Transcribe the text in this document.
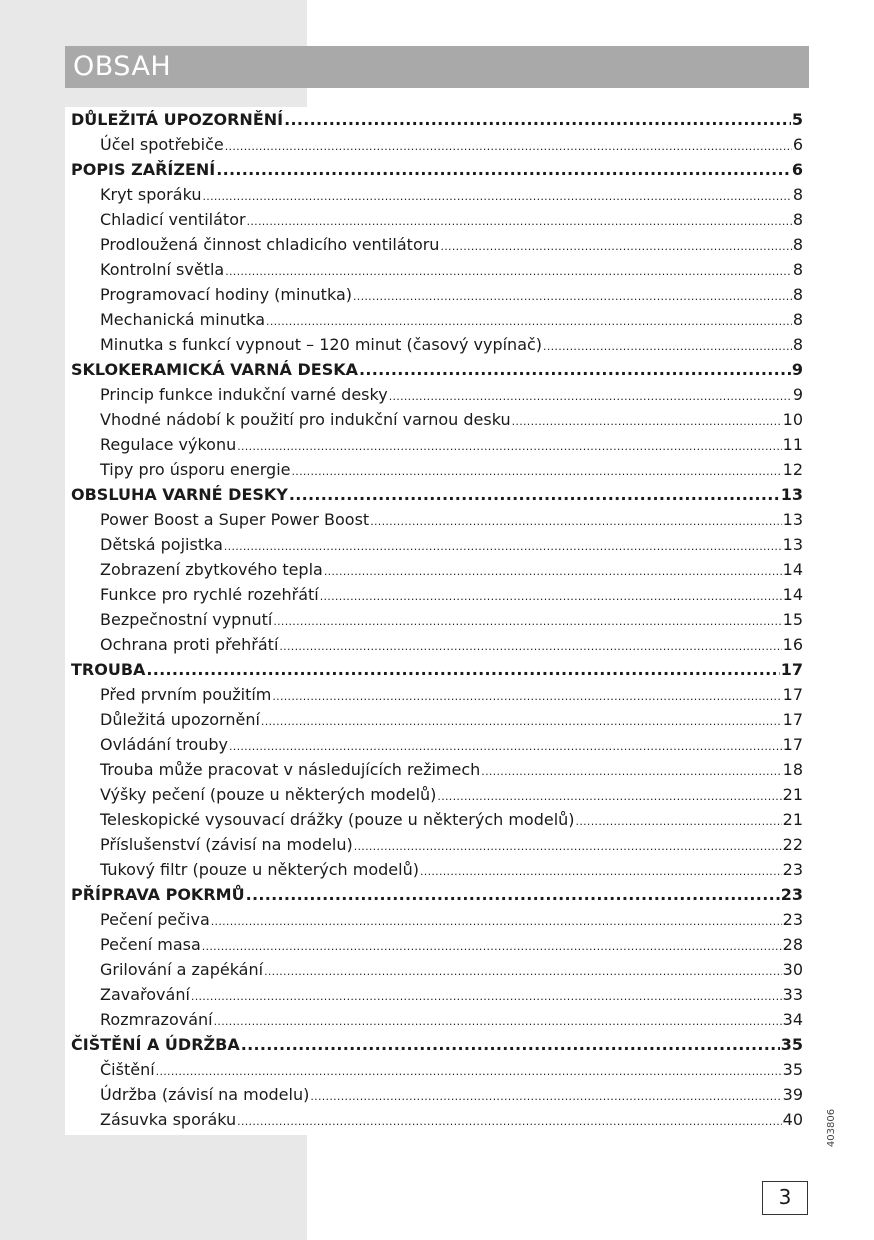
OBSAH
DŮLEŽITÁ UPOZORNĚNÍ .....	5
Účel spotřebiče .....	6
POPIS ZAŘÍZENÍ .....	6
Kryt sporáku .....	8
Chladicí ventilátor .....	8
Prodloužená činnost chladicího ventilátoru .....	8
Kontrolní světla .....	8
Programovací hodiny (minutka) .....	8
Mechanická minutka .....	8
Minutka s funkcí vypnout – 120 minut (časový vypínač) .....	8
SKLOKERAMICKÁ VARNÁ DESKA .....	9
Princip funkce indukční varné desky .....	9
Vhodné nádobí k použití pro indukční varnou desku .....	10
Regulace výkonu .....	11
Tipy pro úsporu energie .....	12
OBSLUHA VARNÉ DESKY .....	13
Power Boost a Super Power Boost .....	13
Dětská pojistka .....	13
Zobrazení zbytkového tepla .....	14
Funkce pro rychlé rozehřátí .....	14
Bezpečnostní vypnutí .....	15
Ochrana proti přehřátí .....	16
TROUBA .....	17
Před prvním použitím .....	17
Důležitá upozornění .....	17
Ovládání trouby .....	17
Trouba může pracovat v následujících režimech .....	18
Výšky pečení (pouze u některých modelů) .....	21
Teleskopické vysouvací drážky (pouze u některých modelů) .....	21
Příslušenství (závisí na modelu) .....	22
Tukový filtr (pouze u některých modelů) .....	23
PŘÍPRAVA POKRMŮ .....	23
Pečení pečiva .....	23
Pečení masa .....	28
Grilování a zapékání .....	30
Zavařování .....	33
Rozmrazování .....	34
ČIŠTĚNÍ A ÚDRŽBA .....	35
Čištění .....	35
Údržba (závisí na modelu) .....	39
Zásuvka sporáku .....	40 403806
3
